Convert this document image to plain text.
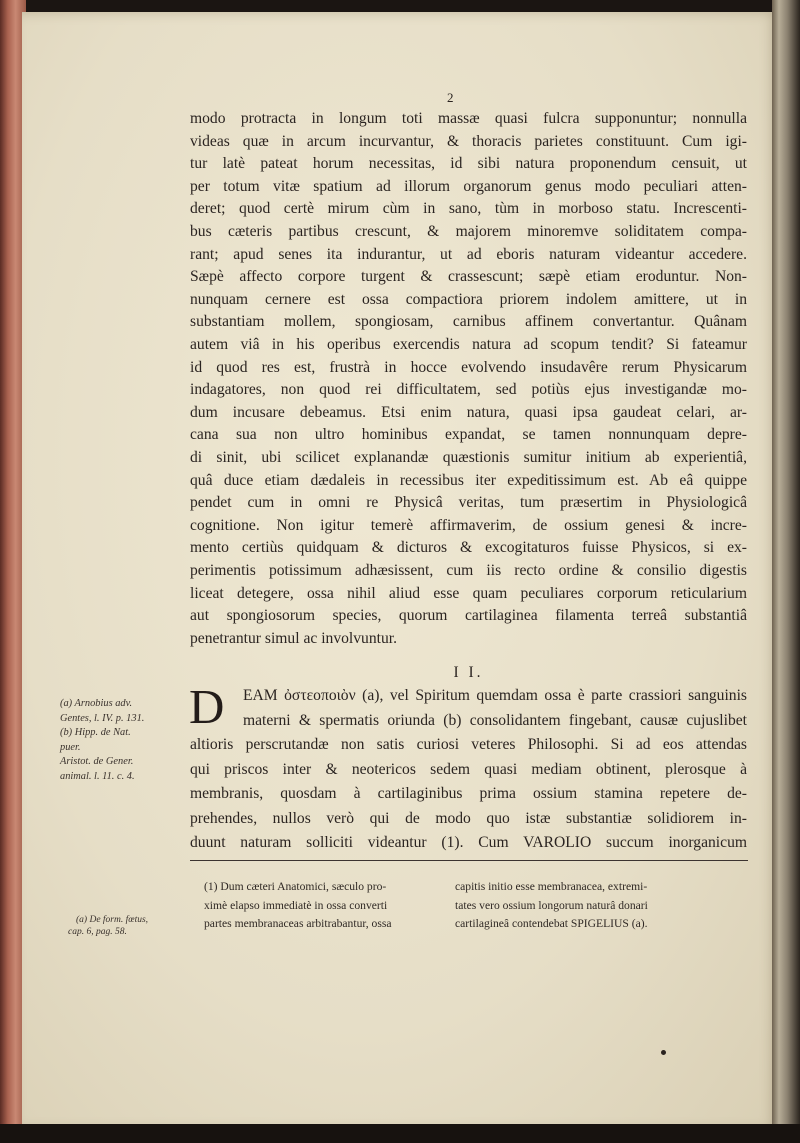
2
modo protracta in longum toti massæ quasi fulcra supponuntur; nonnulla
videas quæ in arcum incurvantur, & thoracis parietes constituunt. Cum igi-
tur latè pateat horum necessitas, id sibi natura proponendum censuit, ut
per totum vitæ spatium ad illorum organorum genus modo peculiari atten-
deret; quod certè mirum cùm in sano, tùm in morboso statu. Increscenti-
bus cæteris partibus crescunt, & majorem minoremve soliditatem compa-
rant; apud senes ita indurantur, ut ad eboris naturam videantur accedere.
Sæpè affecto corpore turgent & crassescunt; sæpè etiam eroduntur. Non-
nunquam cernere est ossa compactiora priorem indolem amittere, ut in
substantiam mollem, spongiosam, carnibus affinem convertantur. Quânam
autem viâ in his operibus exercendis natura ad scopum tendit? Si fateamur
id quod res est, frustrà in hocce evolvendo insudavêre rerum Physicarum
indagatores, non quod rei difficultatem, sed potiùs ejus investigandæ mo-
dum incusare debeamus. Etsi enim natura, quasi ipsa gaudeat celari, ar-
cana sua non ultro hominibus expandat, se tamen nonnunquam depre-
di sinit, ubi scilicet explanandæ quæstionis sumitur initium ab experientiâ,
quâ duce etiam dædaleis in recessibus iter expeditissimum est. Ab eâ quippe
pendet cum in omni re Physicâ veritas, tum præsertim in Physiologicâ
cognitione. Non igitur temerè affirmaverim, de ossium genesi & incre-
mento certiùs quidquam & dicturos & excogitaturos fuisse Physicos, si ex-
perimentis potissimum adhæsissent, cum iis recto ordine & consilio digestis
liceat detegere, ossa nihil aliud esse quam peculiares corporum reticularium
aut spongiosorum species, quorum cartilaginea filamenta terreâ substantiâ
penetrantur simul ac involvuntur.
I I.
D EAM ὀστεοποιὸν (a), vel Spiritum quemdam ossa è parte crassiori sanguinis
materni & spermatis oriunda (b) consolidantem fingebant, causæ cujuslibet
altioris perscrutandæ non satis curiosi veteres Philosophi. Si ad eos attendas
qui priscos inter & neotericos sedem quasi mediam obtinent, plerosque à
membranis, quosdam à cartilaginibus prima ossium stamina repetere de-
prehendes, nullos verò qui de modo quo istæ substantiæ solidiorem in-
duunt naturam solliciti videantur (1). Cum VAROLIO succum inorganicum
(a) Arnobius adv.
Gentes, l. IV. p. 131.
(b) Hipp. de Nat.
puer.
Aristot. de Gener.
animal. l. 11. c. 4.
(1) Dum cæteri Anatomici, sæculo pro-
ximè elapso immediatè in ossa converti
partes membranaceas arbitrabantur, ossa
capitis initio esse membranacea, extremi-
tates vero ossium longorum naturâ donari
cartilagineâ contendebat SPIGELIUS (a).
(a) De form. fœtus,
cap. 6, pag. 58.
